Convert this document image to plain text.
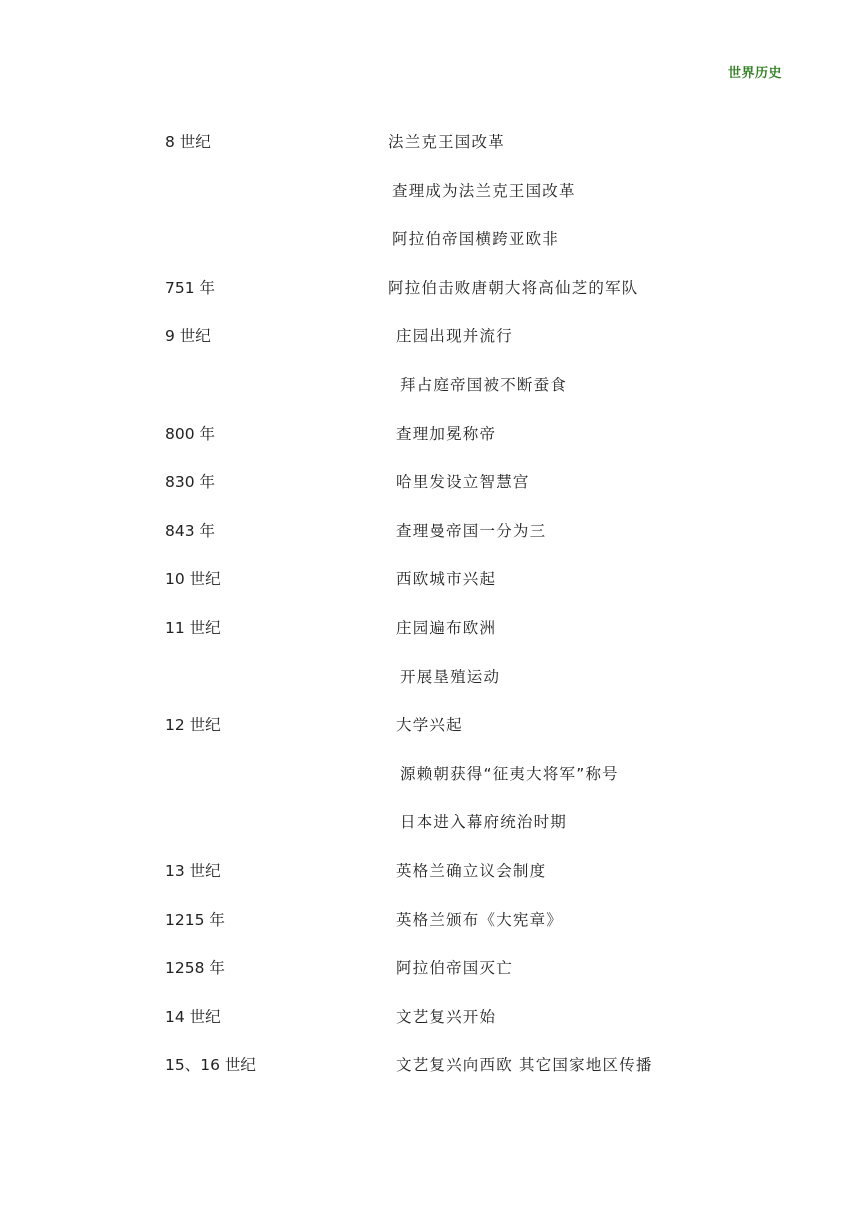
世界历史
8 世纪	法兰克王国改革
查理成为法兰克王国改革
阿拉伯帝国横跨亚欧非
751 年	阿拉伯击败唐朝大将高仙芝的军队
9 世纪	庄园出现并流行
拜占庭帝国被不断蚕食
800 年	查理加冕称帝
830 年	哈里发设立智慧宫
843 年	查理曼帝国一分为三
10 世纪	西欧城市兴起
11 世纪	庄园遍布欧洲
开展垦殖运动
12 世纪	大学兴起
源赖朝获得“征夷大将军”称号
日本进入幕府统治时期
13 世纪	英格兰确立议会制度
1215 年	英格兰颁布《大宪章》
1258 年	阿拉伯帝国灭亡
14 世纪	文艺复兴开始
15、16 世纪	文艺复兴向西欧 其它国家地区传播
